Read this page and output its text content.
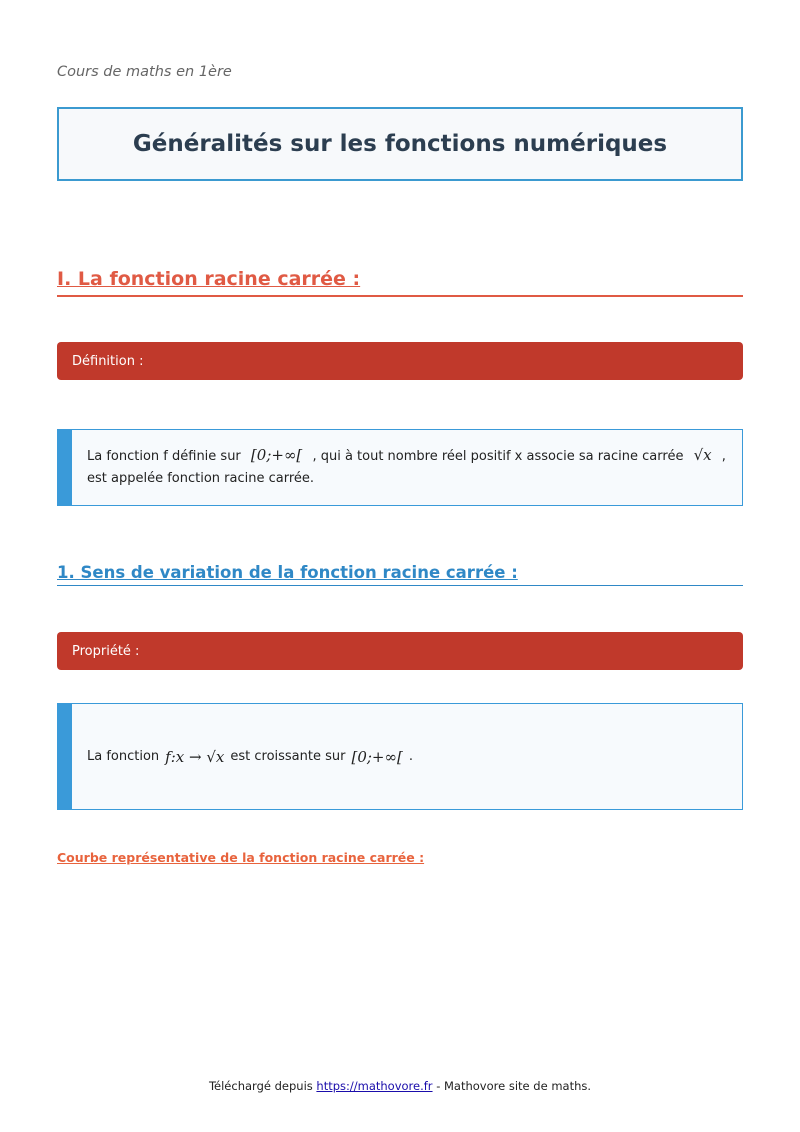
Cours de maths en 1ère
Généralités sur les fonctions numériques
I. La fonction racine carrée :
Définition :
La fonction f définie sur [0;+∞[ , qui à tout nombre réel positif x associe sa racine carrée √x ,
est appelée fonction racine carrée.
1. Sens de variation de la fonction racine carrée :
Propriété :
La fonction f:x → √x est croissante sur [0;+∞[ .
Courbe représentative de la fonction racine carrée :
Téléchargé depuis https://mathovore.fr - Mathovore site de maths.
